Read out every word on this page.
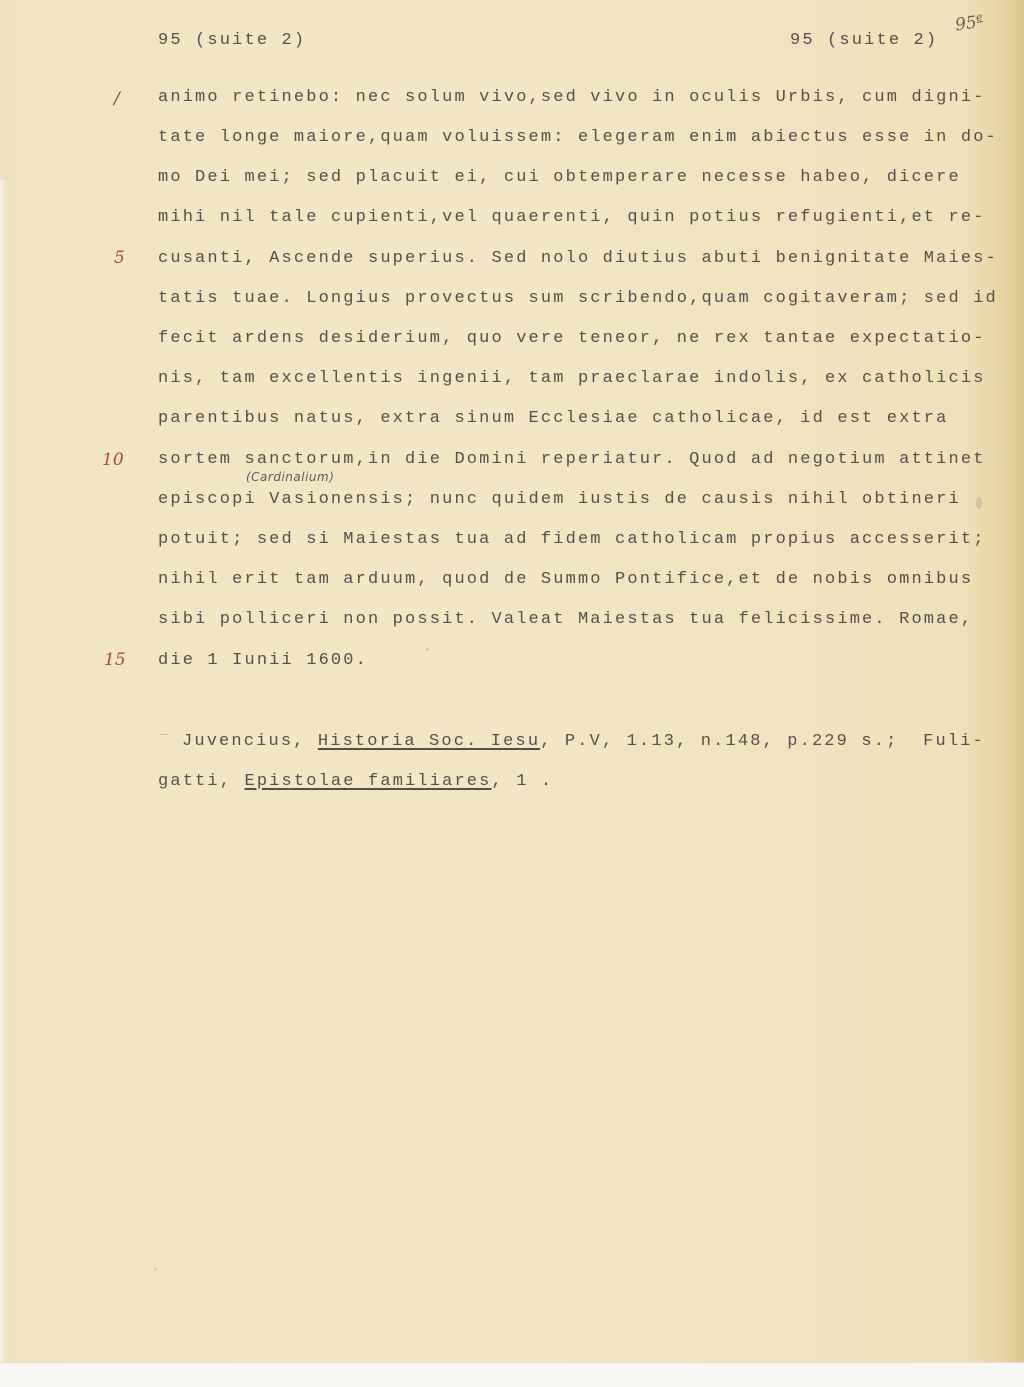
95 (suite 2)	95 (suite 2)
95e
/
5
10
15
animo retinebo: nec solum vivo,sed vivo in oculis Urbis, cum digni-
tate longe maiore,quam voluissem: elegeram enim abiectus esse in do-
mo Dei mei; sed placuit ei, cui obtemperare necesse habeo, dicere
mihi nil tale cupienti,vel quaerenti, quin potius refugienti,et re-
cusanti, Ascende superius. Sed nolo diutius abuti benignitate Maies-
tatis tuae. Longius provectus sum scribendo,quam cogitaveram; sed id
fecit ardens desiderium, quo vere teneor, ne rex tantae expectatio-
nis, tam excellentis ingenii, tam praeclarae indolis, ex catholicis
parentibus natus, extra sinum Ecclesiae catholicae, id est extra
sortem sanctorum,in die Domini reperiatur. Quod ad negotium attinet
episcopi Vasionensis; nunc quidem iustis de causis nihil obtineri
potuit; sed si Maiestas tua ad fidem catholicam propius accesserit;
nihil erit tam arduum, quod de Summo Pontifice,et de nobis omnibus
sibi polliceri non possit. Valeat Maiestas tua felicissime. Romae,
die 1 Iunii 1600.
(Cardinalium)
¯ Juvencius, Historia Soc. Iesu, P.V, 1.13, n.148, p.229 s.;  Fuli-
gatti, Epistolae familiares, 1 .
